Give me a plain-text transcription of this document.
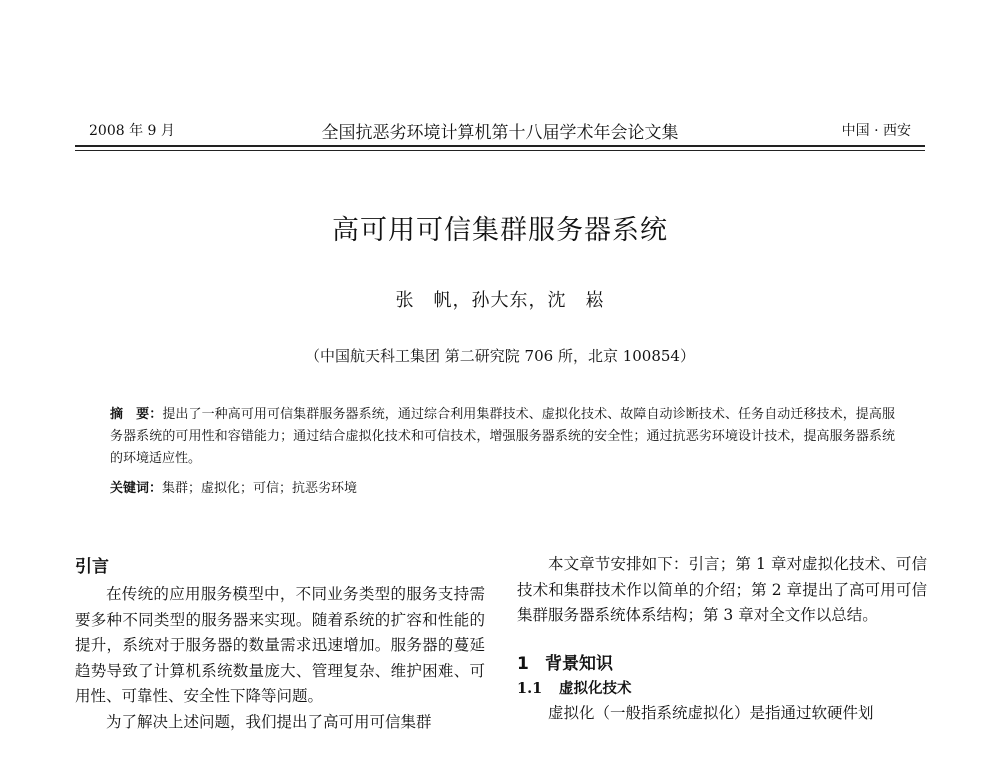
2008 年 9 月	全国抗恶劣环境计算机第十八届学术年会论文集	中国 · 西安
高可用可信集群服务器系统
张　帆，孙大东，沈　崧
（中国航天科工集团 第二研究院 706 所，北京 100854）
摘　要：提出了一种高可用可信集群服务器系统，通过综合利用集群技术、虚拟化技术、故障自动诊断技术、任务自动迁移技术，提高服务器系统的可用性和容错能力；通过结合虚拟化技术和可信技术，增强服务器系统的安全性；通过抗恶劣环境设计技术，提高服务器系统的环境适应性。
关键词：集群；虚拟化；可信；抗恶劣环境
引言

在传统的应用服务模型中，不同业务类型的服务支持需要多种不同类型的服务器来实现。随着系统的扩容和性能的提升，系统对于服务器的数量需求迅速增加。服务器的蔓延趋势导致了计算机系统数量庞大、管理复杂、维护困难、可用性、可靠性、安全性下降等问题。

为了解决上述问题，我们提出了高可用可信集群

本文章节安排如下：引言；第 1 章对虚拟化技术、可信技术和集群技术作以简单的介绍；第 2 章提出了高可用可信集群服务器系统体系结构；第 3 章对全文作以总结。

1 背景知识
1.1 虚拟化技术

虚拟化（一般指系统虚拟化）是指通过软硬件划
